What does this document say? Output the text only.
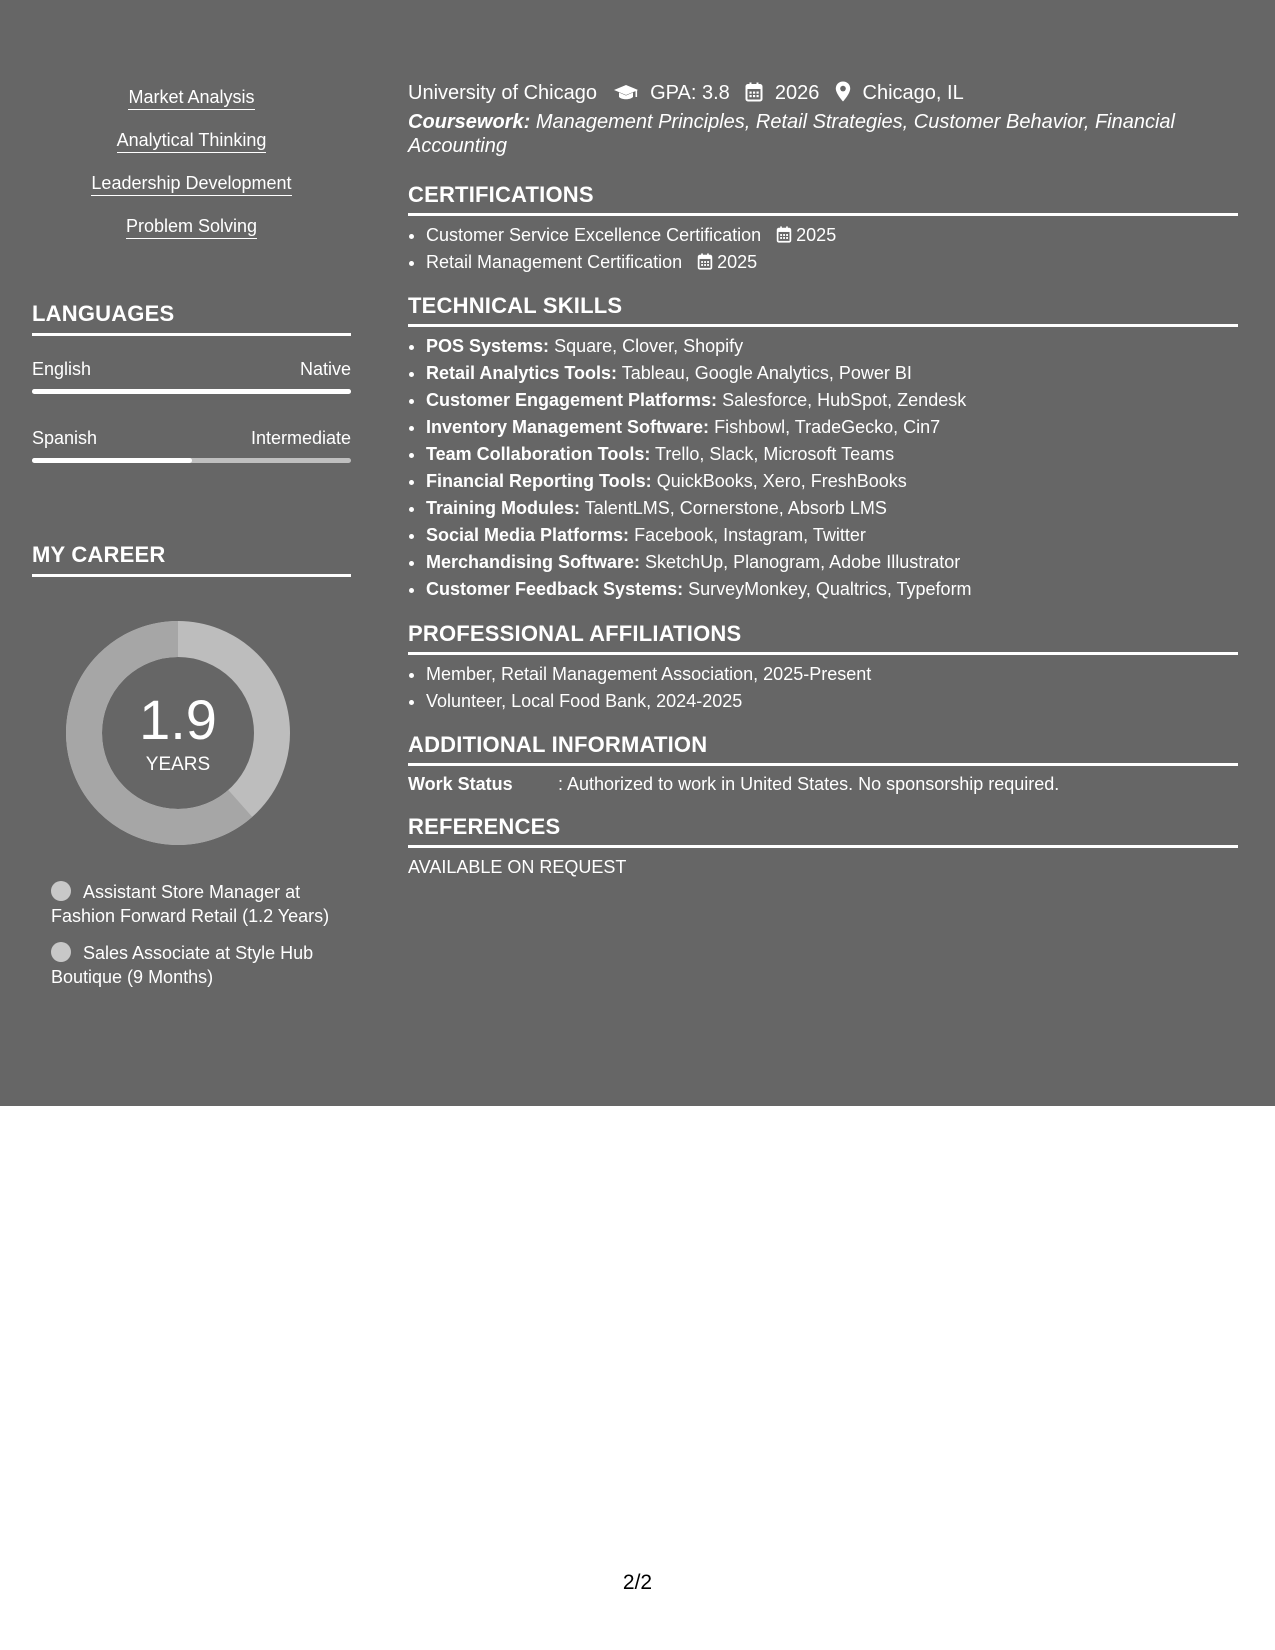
Market Analysis
Analytical Thinking
Leadership Development
Problem Solving
LANGUAGES
English	Native
Spanish	Intermediate
MY CAREER
1.9
YEARS
Assistant Store Manager at Fashion Forward Retail (1.2 Years)
Sales Associate at Style Hub Boutique (9 Months)
University of Chicago	GPA: 3.8 2026 Chicago, IL
Coursework: Management Principles, Retail Strategies, Customer Behavior, Financial Accounting
CERTIFICATIONS
• Customer Service Excellence Certification 2025
• Retail Management Certification 2025
TECHNICAL SKILLS
• POS Systems: Square, Clover, Shopify
• Retail Analytics Tools: Tableau, Google Analytics, Power BI
• Customer Engagement Platforms: Salesforce, HubSpot, Zendesk
• Inventory Management Software: Fishbowl, TradeGecko, Cin7
• Team Collaboration Tools: Trello, Slack, Microsoft Teams
• Financial Reporting Tools: QuickBooks, Xero, FreshBooks
• Training Modules: TalentLMS, Cornerstone, Absorb LMS
• Social Media Platforms: Facebook, Instagram, Twitter
• Merchandising Software: SketchUp, Planogram, Adobe Illustrator
• Customer Feedback Systems: SurveyMonkey, Qualtrics, Typeform
PROFESSIONAL AFFILIATIONS
• Member, Retail Management Association, 2025-Present
• Volunteer, Local Food Bank, 2024-2025
ADDITIONAL INFORMATION
Work Status	: Authorized to work in United States. No sponsorship required.
REFERENCES
AVAILABLE ON REQUEST
2/2
